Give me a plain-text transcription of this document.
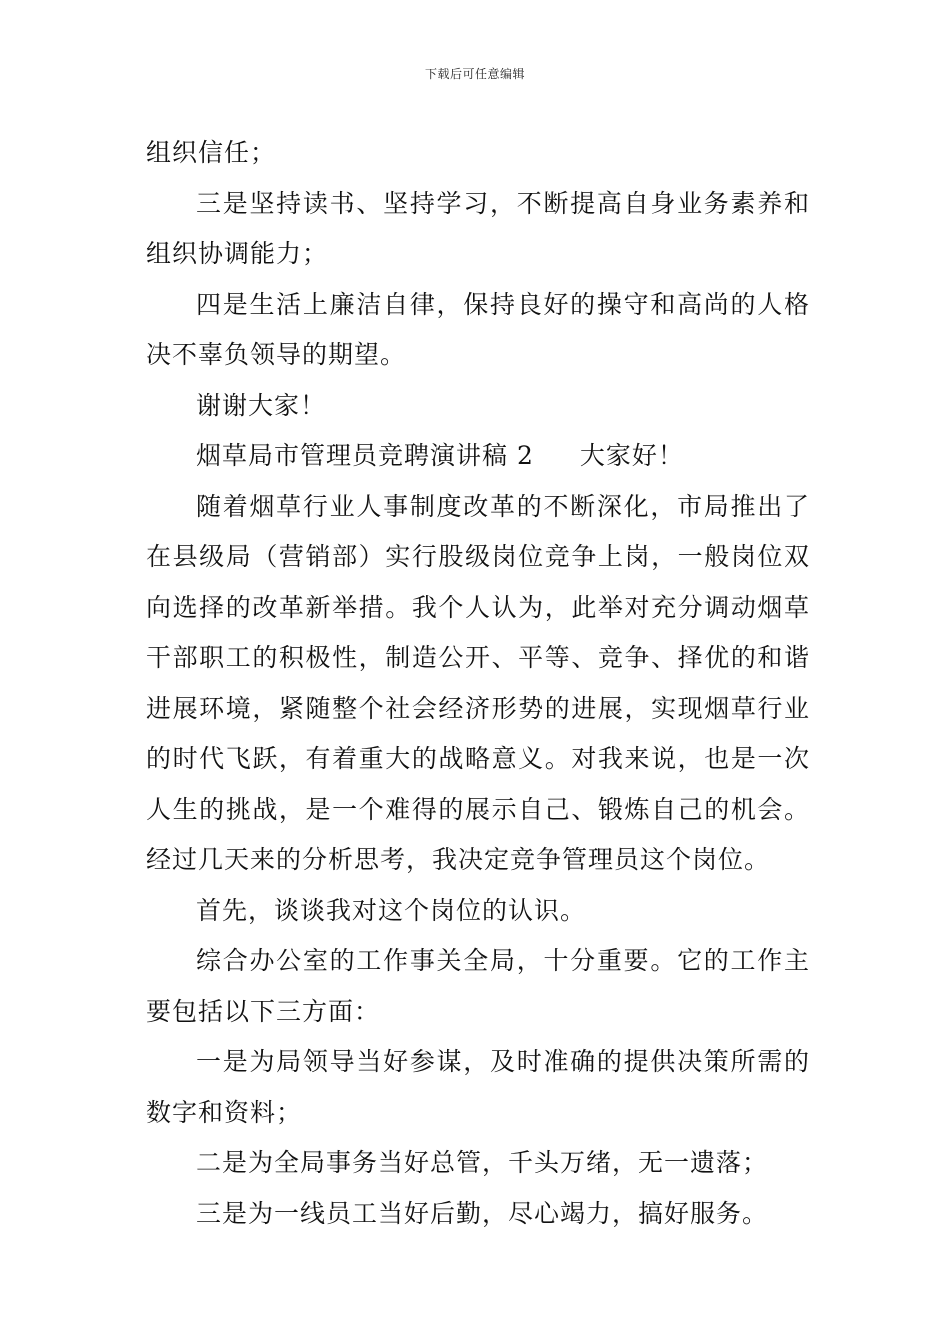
下载后可任意编辑

组织信任；

三是坚持读书、坚持学习，不断提高自身业务素养和组织协调能力；

四是生活上廉洁自律，保持良好的操守和高尚的人格决不辜负领导的期望。

谢谢大家！

烟草局市管理员竞聘演讲稿 2 大家好！

随着烟草行业人事制度改革的不断深化，市局推出了在县级局（营销部）实行股级岗位竞争上岗，一般岗位双向选择的改革新举措。我个人认为，此举对充分调动烟草干部职工的积极性，制造公开、平等、竞争、择优的和谐进展环境，紧随整个社会经济形势的进展，实现烟草行业的时代飞跃，有着重大的战略意义。对我来说，也是一次人生的挑战，是一个难得的展示自己、锻炼自己的机会。经过几天来的分析思考，我决定竞争管理员这个岗位。

首先，谈谈我对这个岗位的认识。

综合办公室的工作事关全局，十分重要。它的工作主要包括以下三方面：

一是为局领导当好参谋，及时准确的提供决策所需的数字和资料；

二是为全局事务当好总管，千头万绪，无一遗落；

三是为一线员工当好后勤，尽心竭力，搞好服务。
